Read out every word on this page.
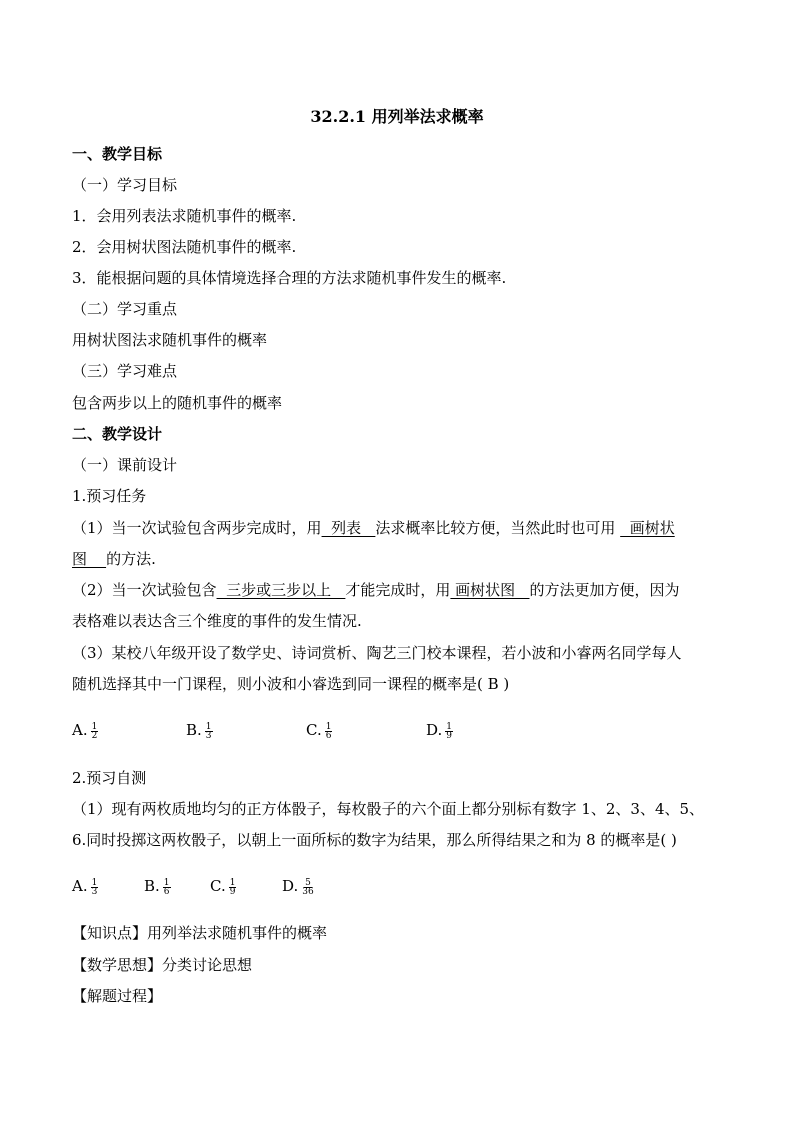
32.2.1 用列举法求概率
一、教学目标
（一）学习目标
1．会用列表法求随机事件的概率.
2．会用树状图法随机事件的概率.
3．能根据问题的具体情境选择合理的方法求随机事件发生的概率.
（二）学习重点
用树状图法求随机事件的概率
（三）学习难点
包含两步以上的随机事件的概率
二、教学设计
（一）课前设计
1.预习任务
（1）当一次试验包含两步完成时，用  列表   法求概率比较方便，当然此时也可用   画树状
图    的方法.
（2）当一次试验包含  三步或三步以上   才能完成时，用 画树状图   的方法更加方便，因为
表格难以表达含三个维度的事件的发生情况.
（3）某校八年级开设了数学史、诗词赏析、陶艺三门校本课程，若小波和小睿两名同学每人
随机选择其中一门课程，则小波和小睿选到同一课程的概率是( B )
A. $\frac{1}{2}$	B. $\frac{1}{3}$	C. $\frac{1}{6}$	D. $\frac{1}{9}$
2.预习自测
（1）现有两枚质地均匀的正方体骰子，每枚骰子的六个面上都分别标有数字 1、2、3、4、5、
6.同时投掷这两枚骰子，以朝上一面所标的数字为结果，那么所得结果之和为 8 的概率是( )
A. $\frac{1}{3}$	B. $\frac{1}{6}$	C. $\frac{1}{9}$	D. $\frac{5}{36}$
【知识点】用列举法求随机事件的概率
【数学思想】分类讨论思想
【解题过程】
